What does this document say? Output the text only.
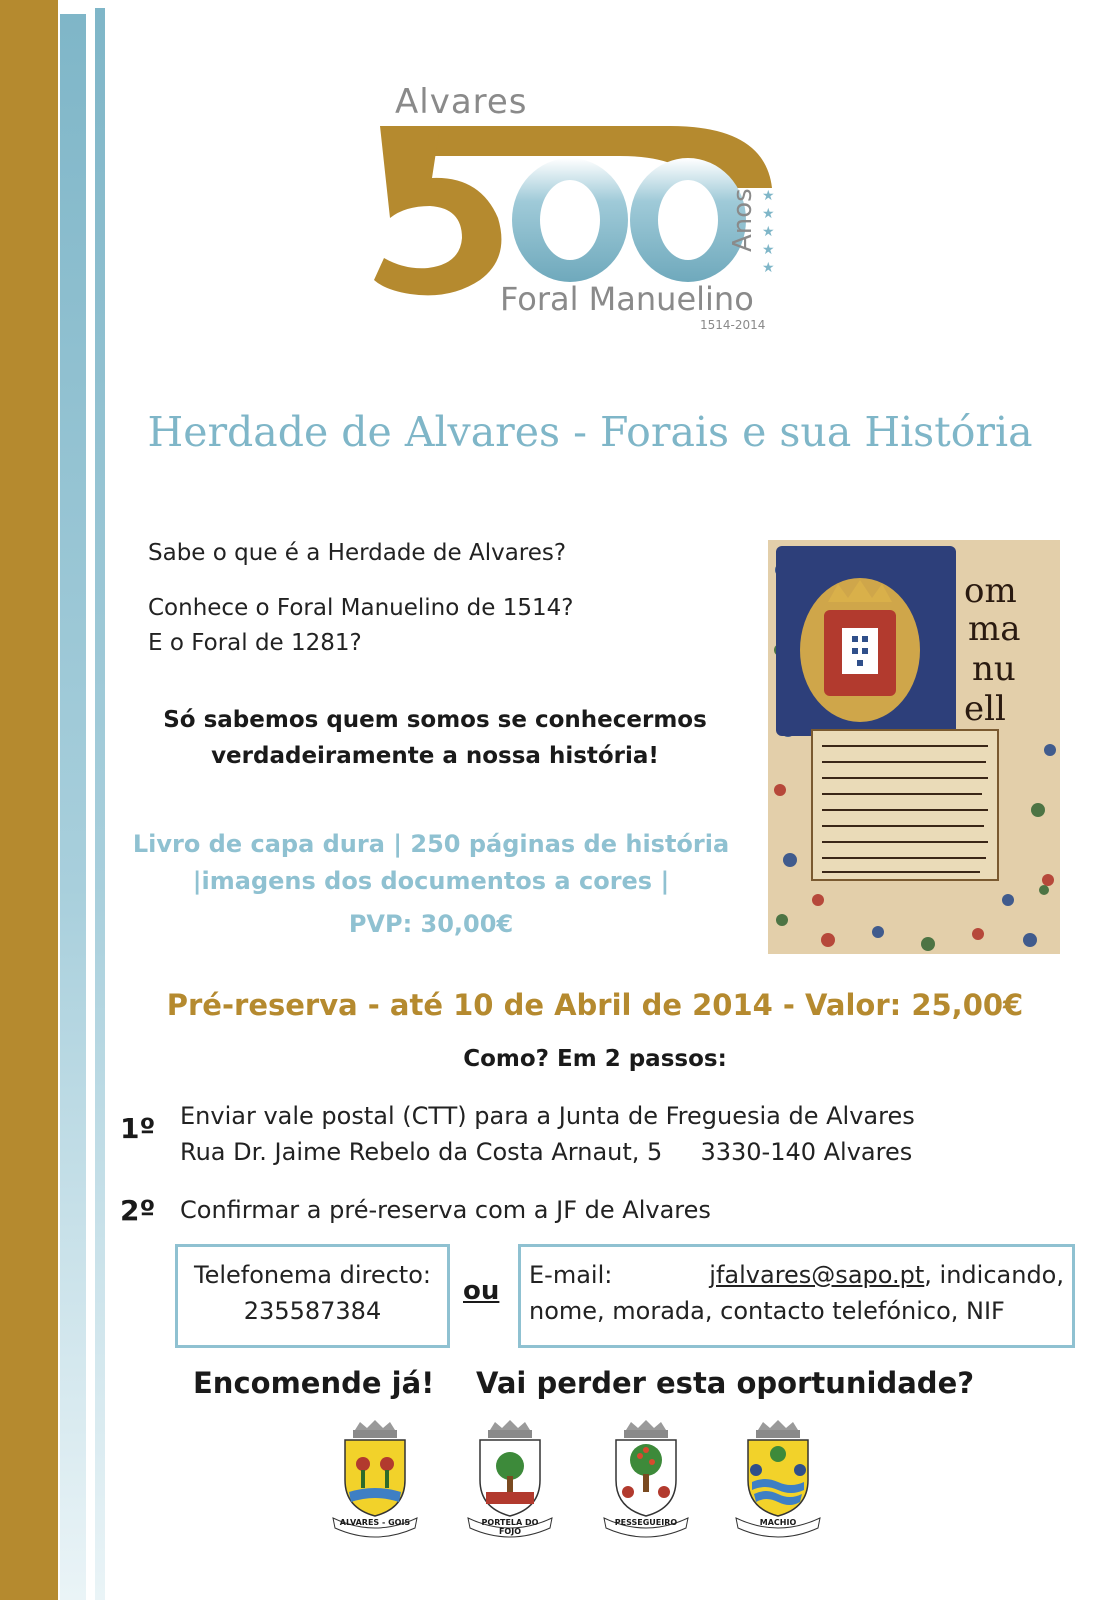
Alvares
★
★
★
★
★
Anos
Foral Manuelino
1514-2014
Herdade de Alvares - Forais e sua História
Sabe o que é a Herdade de Alvares?
Conhece o Foral Manuelino de 1514?
E o Foral de 1281?
Só sabemos quem somos se conhecermos
verdadeiramente a nossa história!
Livro de capa dura | 250 páginas de história
|imagens dos documentos a cores |
PVP: 30,00€
om
ma
nu
ell
Pré-reserva - até 10 de Abril de 2014 - Valor: 25,00€
Como? Em 2 passos:
1º Enviar vale postal (CTT) para a Junta de Freguesia de Alvares
Rua Dr. Jaime Rebelo da Costa Arnaut, 5     3330-140 Alvares
2º Confirmar a pré-reserva com a JF de Alvares
Telefonema directo:
235587384
ou
E-mail:	jfalvares@sapo.pt , indicando,
nome, morada, contacto telefónico, NIF
Encomende já! Vai perder esta oportunidade?
ALVARES - GOIS	PORTELA DO FOJO
PESSEGUEIRO	MACHIO
